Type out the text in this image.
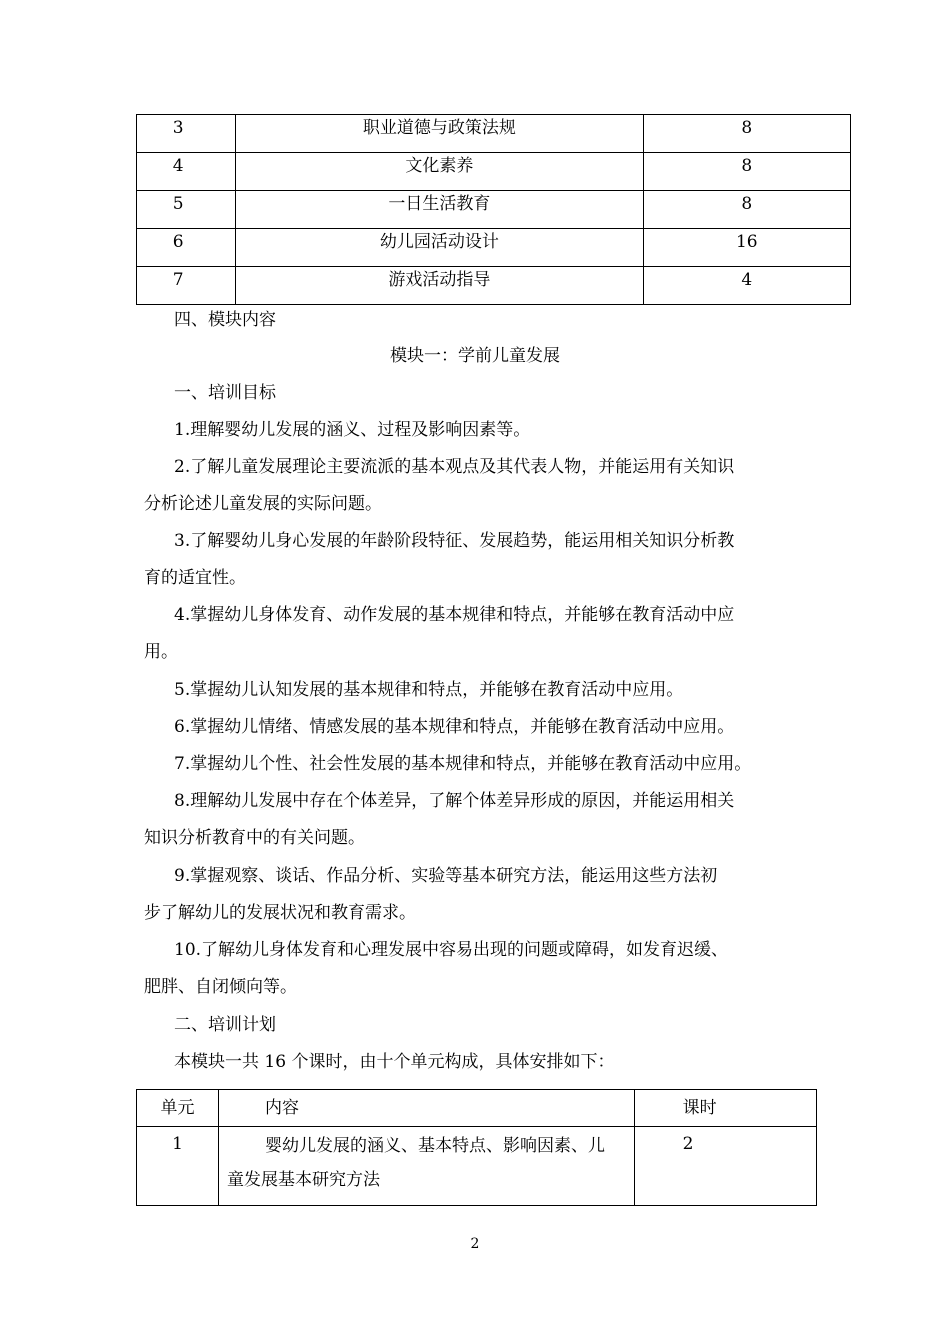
3	职业道德与政策法规	8
4	文化素养	8
5	一日生活教育	8
6	幼儿园活动设计	16
7	游戏活动指导	4
四、模块内容
模块一：学前儿童发展
一、培训目标
1.理解婴幼儿发展的涵义、过程及影响因素等。
2.了解儿童发展理论主要流派的基本观点及其代表人物，并能运用有关知识
分析论述儿童发展的实际问题。
3.了解婴幼儿身心发展的年龄阶段特征、发展趋势，能运用相关知识分析教
育的适宜性。
4.掌握幼儿身体发育、动作发展的基本规律和特点，并能够在教育活动中应
用。
5.掌握幼儿认知发展的基本规律和特点，并能够在教育活动中应用。
6.掌握幼儿情绪、情感发展的基本规律和特点，并能够在教育活动中应用。
7.掌握幼儿个性、社会性发展的基本规律和特点，并能够在教育活动中应用。
8.理解幼儿发展中存在个体差异，了解个体差异形成的原因，并能运用相关
知识分析教育中的有关问题。
9.掌握观察、谈话、作品分析、实验等基本研究方法，能运用这些方法初
步了解幼儿的发展状况和教育需求。
10.了解幼儿身体发育和心理发展中容易出现的问题或障碍，如发育迟缓、
肥胖、自闭倾向等。
二、培训计划
本模块一共 16 个课时，由十个单元构成，具体安排如下：
单元	内容	课时
1	婴幼儿发展的涵义、基本特点、影响因素、儿
童发展基本研究方法	2
2
